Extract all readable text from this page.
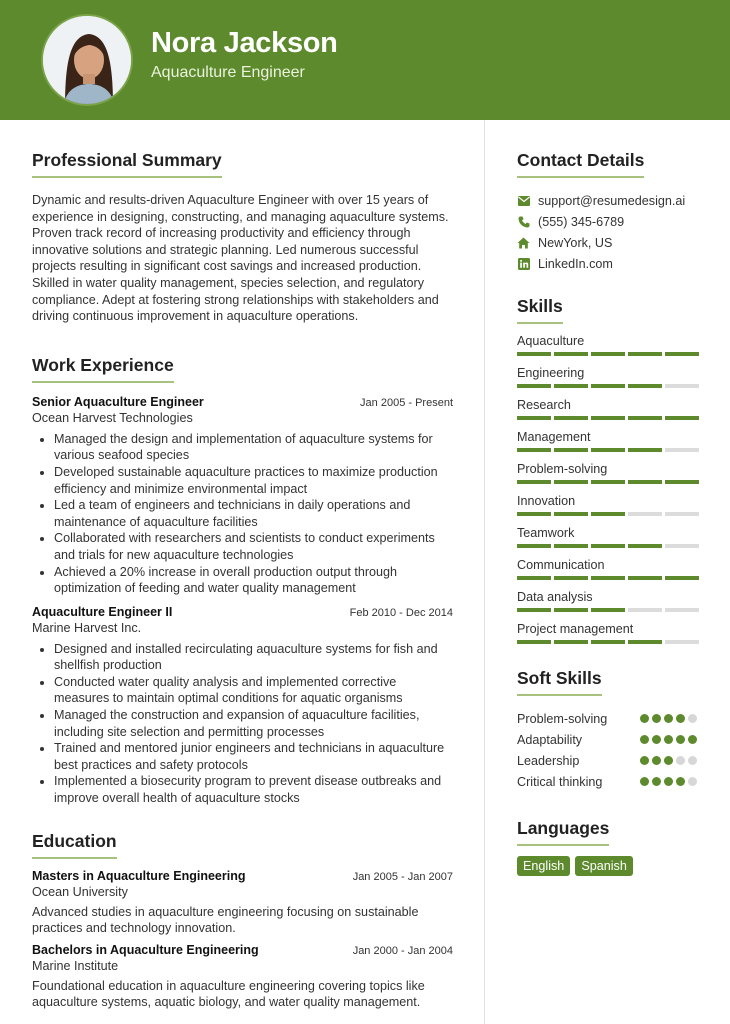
Nora Jackson
Aquaculture Engineer
Professional Summary

Dynamic and results-driven Aquaculture Engineer with over 15 years of experience in designing, constructing, and managing aquaculture systems. Proven track record of increasing productivity and efficiency through innovative solutions and strategic planning. Led numerous successful projects resulting in significant cost savings and increased production. Skilled in water quality management, species selection, and regulatory compliance. Adept at fostering strong relationships with stakeholders and driving continuous improvement in aquaculture operations.

Work Experience
Senior Aquaculture Engineer	Jan 2005 - Present
Ocean Harvest Technologies
• Managed the design and implementation of aquaculture systems for various seafood species
• Developed sustainable aquaculture practices to maximize production efficiency and minimize environmental impact
• Led a team of engineers and technicians in daily operations and maintenance of aquaculture facilities
• Collaborated with researchers and scientists to conduct experiments and trials for new aquaculture technologies
• Achieved a 20% increase in overall production output through optimization of feeding and water quality management
Aquaculture Engineer II	Feb 2010 - Dec 2014
Marine Harvest Inc.
• Designed and installed recirculating aquaculture systems for fish and shellfish production
• Conducted water quality analysis and implemented corrective measures to maintain optimal conditions for aquatic organisms
• Managed the construction and expansion of aquaculture facilities, including site selection and permitting processes
• Trained and mentored junior engineers and technicians in aquaculture best practices and safety protocols
• Implemented a biosecurity program to prevent disease outbreaks and improve overall health of aquaculture stocks
Education
Masters in Aquaculture Engineering	Jan 2005 - Jan 2007
Ocean University

Advanced studies in aquaculture engineering focusing on sustainable practices and technology innovation.

Bachelors in Aquaculture Engineering	Jan 2000 - Jan 2004
Marine Institute

Foundational education in aquaculture engineering covering topics like aquaculture systems, aquatic biology, and water quality management.

Contact Details
support@resumedesign.ai
(555) 345-6789
NewYork, US
LinkedIn.com
Skills
Aquaculture
Engineering
Research
Management
Problem-solving
Innovation
Teamwork
Communication
Data analysis
Project management
Soft Skills
Problem-solving
Adaptability
Leadership
Critical thinking
Languages
English	Spanish
